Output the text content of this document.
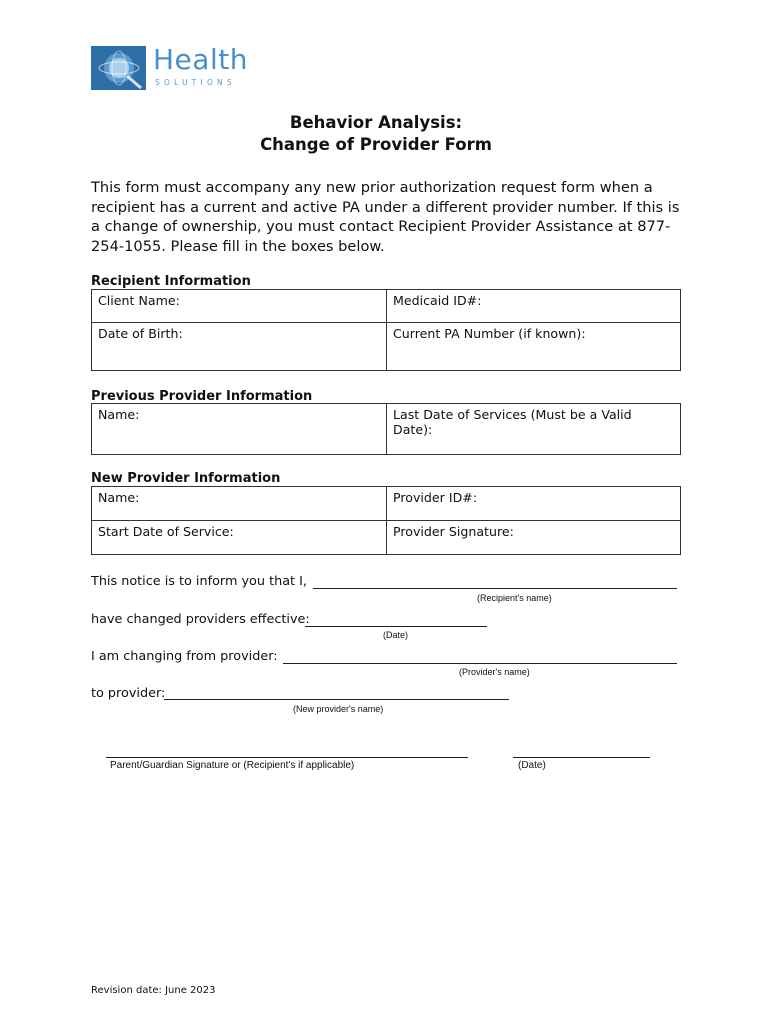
Health
SOLUTIONS
Behavior Analysis:
Change of Provider Form
This form must accompany any new prior authorization request form when a recipient has a current and active PA under a different provider number. If this is a change of ownership, you must contact Recipient Provider Assistance at 877-254-1055. Please fill in the boxes below.
Recipient Information
Client Name:	Medicaid ID#:
Date of Birth:	Current PA Number (if known):
Previous Provider Information
Name:	Last Date of Services (Must be a Valid Date):
New Provider Information
Name:	Provider ID#:
Start Date of Service:	Provider Signature:
This notice is to inform you that I,
(Recipient's name)
have changed providers effective:
(Date)
I am changing from provider:
(Provider's name)
to provider:
(New provider's name)
Parent/Guardian Signature or (Recipient's if applicable)	(Date)
Revision date: June 2023
